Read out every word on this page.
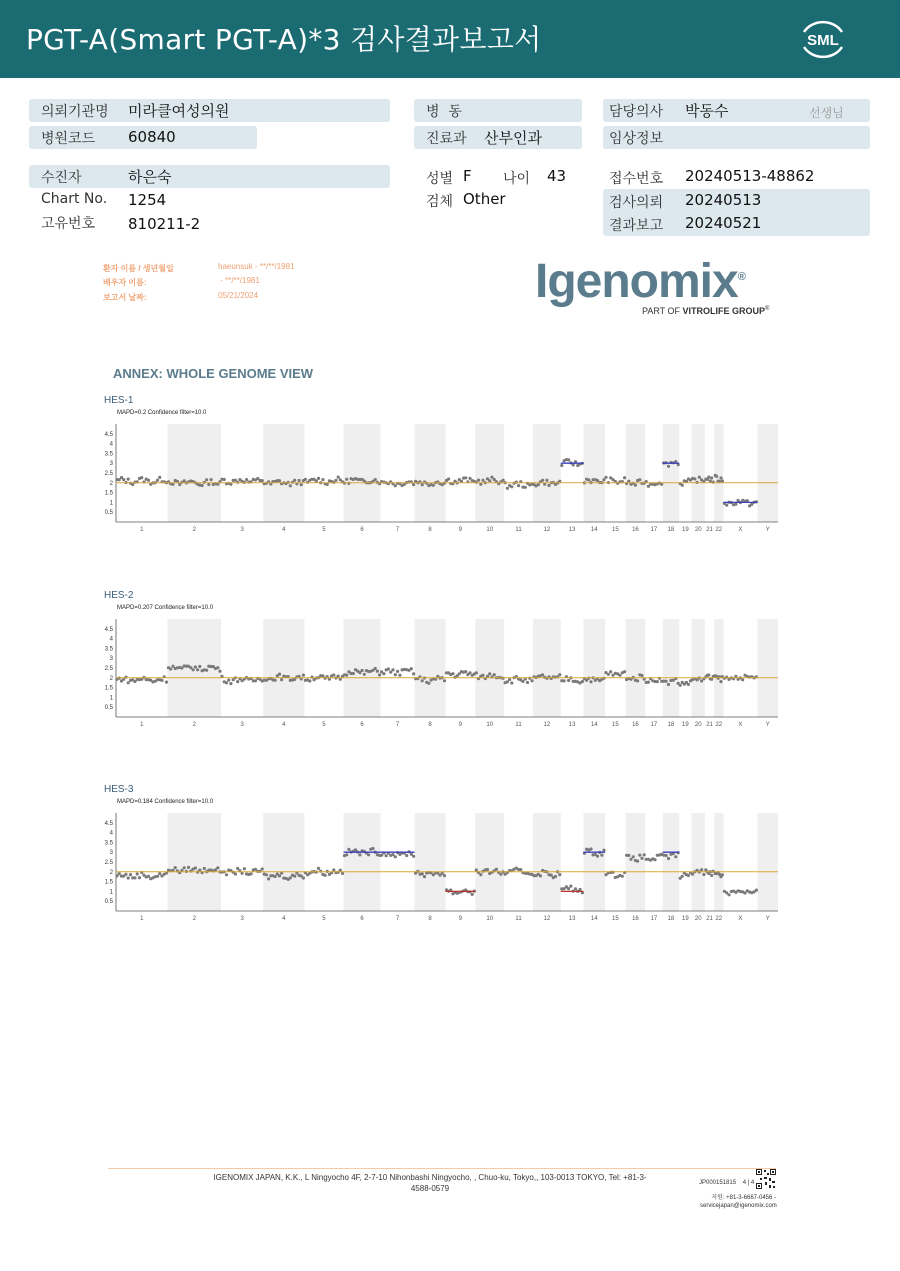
PGT-A(Smart PGT-A)*3 검사결과보고서	SML
의뢰기관명 미라클여성의원
병원코드 60840
병  동
진료과 산부인과
담당의사 박동수	선생님
임상정보
수진자	하은숙
Chart No. 1254
고유번호 810211-2
성별 F 나이 43
검체 Other
접수번호 20240513-48862
검사의뢰 20240513
결과보고 20240521
환자 이름 / 생년월일	haeunsuk - **/**/1981
배우자 이름:	- **/**/1981
보고서 날짜:	05/21/2024	Igenomix®
PART OF VITROLIFE GROUP®
ANNEX: WHOLE GENOME VIEW
HES-1
MAPD=0.2 Confidence filter=10.0
0.5
1
1.5
2
2.5
3
3.5
4
4.5
1	2	3	4	5	6	7	8	9	10	11	12	13	14 15 16 17 18 19 20 21 22	X	Y
HES-2
MAPD=0.207 Confidence filter=10.0
0.5
1
1.5
2
2.5
3
3.5
4
4.5
1	2	3	4	5	6	7	8	9	10	11	12	13	14 15 16 17 18 19 20 21 22	X	Y
HES-3
MAPD=0.184 Confidence filter=10.0
0.5
1
1.5
2
2.5
3
3.5
4
4.5
1	2	3	4	5	6	7	8	9	10	11	12	13	14 15 16 17 18 19 20 21 22	X	Y
IGENOMIX JAPAN, K.K., L Ningyocho 4F, 2-7-10 Nihonbashi Ningyocho, , Chuo-ku, Tokyo,, 103-0013 TOKYO, Tel: +81-3-
4588-0579
JP000151815    4 | 4
지원: +81-3-6667-0456 -
servicejapan@igenomix.com
